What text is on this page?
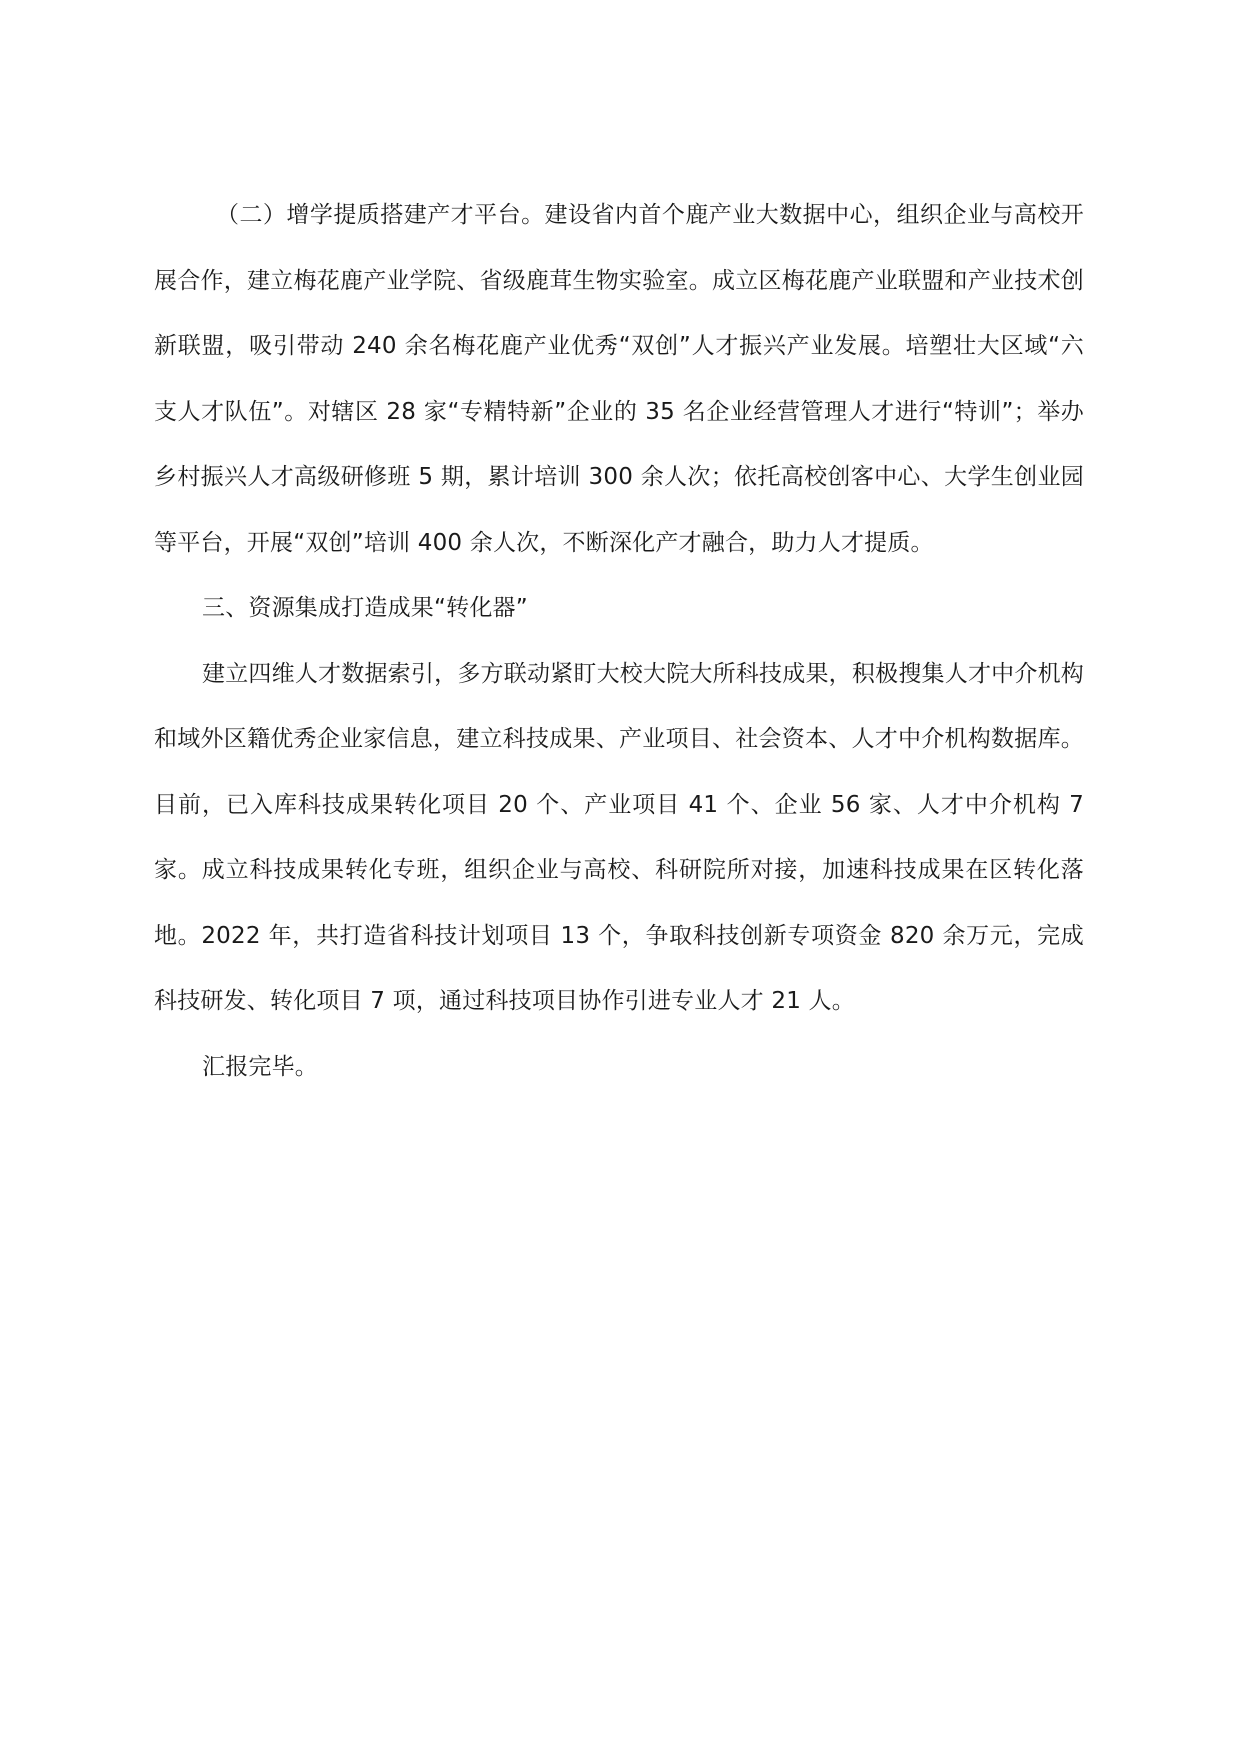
（二）增学提质搭建产才平台。建设省内首个鹿产业大数据中心，组织企业与高校开展合作，建立梅花鹿产业学院、省级鹿茸生物实验室。成立区梅花鹿产业联盟和产业技术创新联盟，吸引带动 240 余名梅花鹿产业优秀“双创”人才振兴产业发展。培塑壮大区域“六支人才队伍”。对辖区 28 家“专精特新”企业的 35 名企业经营管理人才进行“特训”；举办乡村振兴人才高级研修班 5 期，累计培训 300 余人次；依托高校创客中心、大学生创业园等平台，开展“双创”培训 400 余人次，不断深化产才融合，助力人才提质。

三、资源集成打造成果“转化器”

建立四维人才数据索引，多方联动紧盯大校大院大所科技成果，积极搜集人才中介机构和域外区籍优秀企业家信息，建立科技成果、产业项目、社会资本、人才中介机构数据库。目前，已入库科技成果转化项目 20 个、产业项目 41 个、企业 56 家、人才中介机构 7 家。成立科技成果转化专班，组织企业与高校、科研院所对接，加速科技成果在区转化落地。2022 年，共打造省科技计划项目 13 个，争取科技创新专项资金 820 余万元，完成科技研发、转化项目 7 项，通过科技项目协作引进专业人才 21 人。

汇报完毕。
